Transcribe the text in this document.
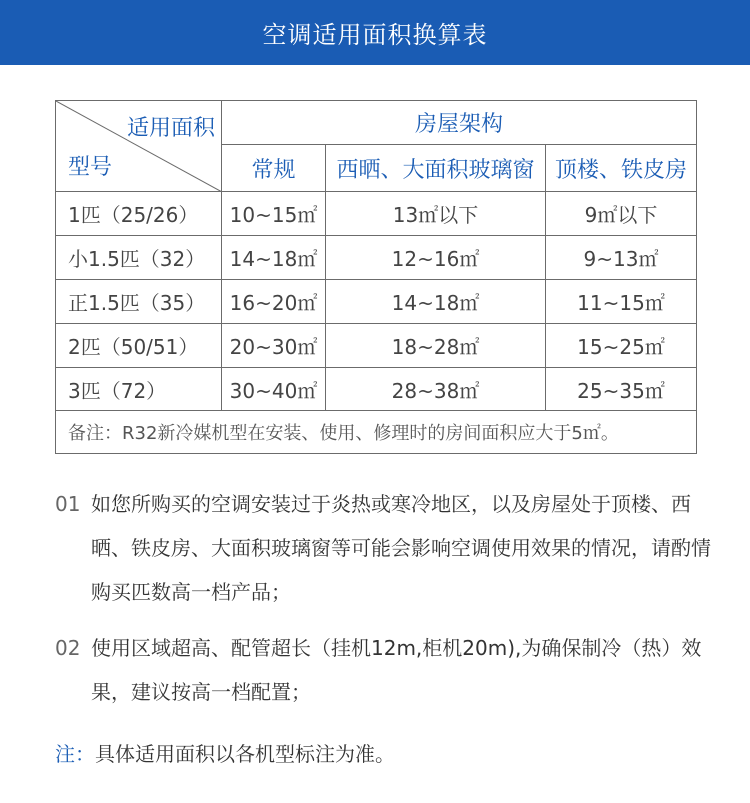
空调适用面积换算表
适用面积
型号	房屋架构		
	常规	西晒、大面积玻璃窗	顶楼、铁皮房
1匹（25/26）	10~15㎡	13㎡以下	9㎡以下
小1.5匹（32）	14~18㎡	12~16㎡	9~13㎡
正1.5匹（35）	16~20㎡	14~18㎡	11~15㎡
2匹（50/51）	20~30㎡	18~28㎡	15~25㎡
3匹（72）	30~40㎡	28~38㎡	25~35㎡
备注：R32新冷媒机型在安装、使用、修理时的房间面积应大于5㎡。			
01 如您所购买的空调安装过于炎热或寒冷地区，以及房屋处于顶楼、西晒、铁皮房、大面积玻璃窗等可能会影响空调使用效果的情况，请酌情购买匹数高一档产品；
02 使用区域超高、配管超长（挂机12m,柜机20m),为确保制冷（热）效果，建议按高一档配置；
注：具体适用面积以各机型标注为准。
